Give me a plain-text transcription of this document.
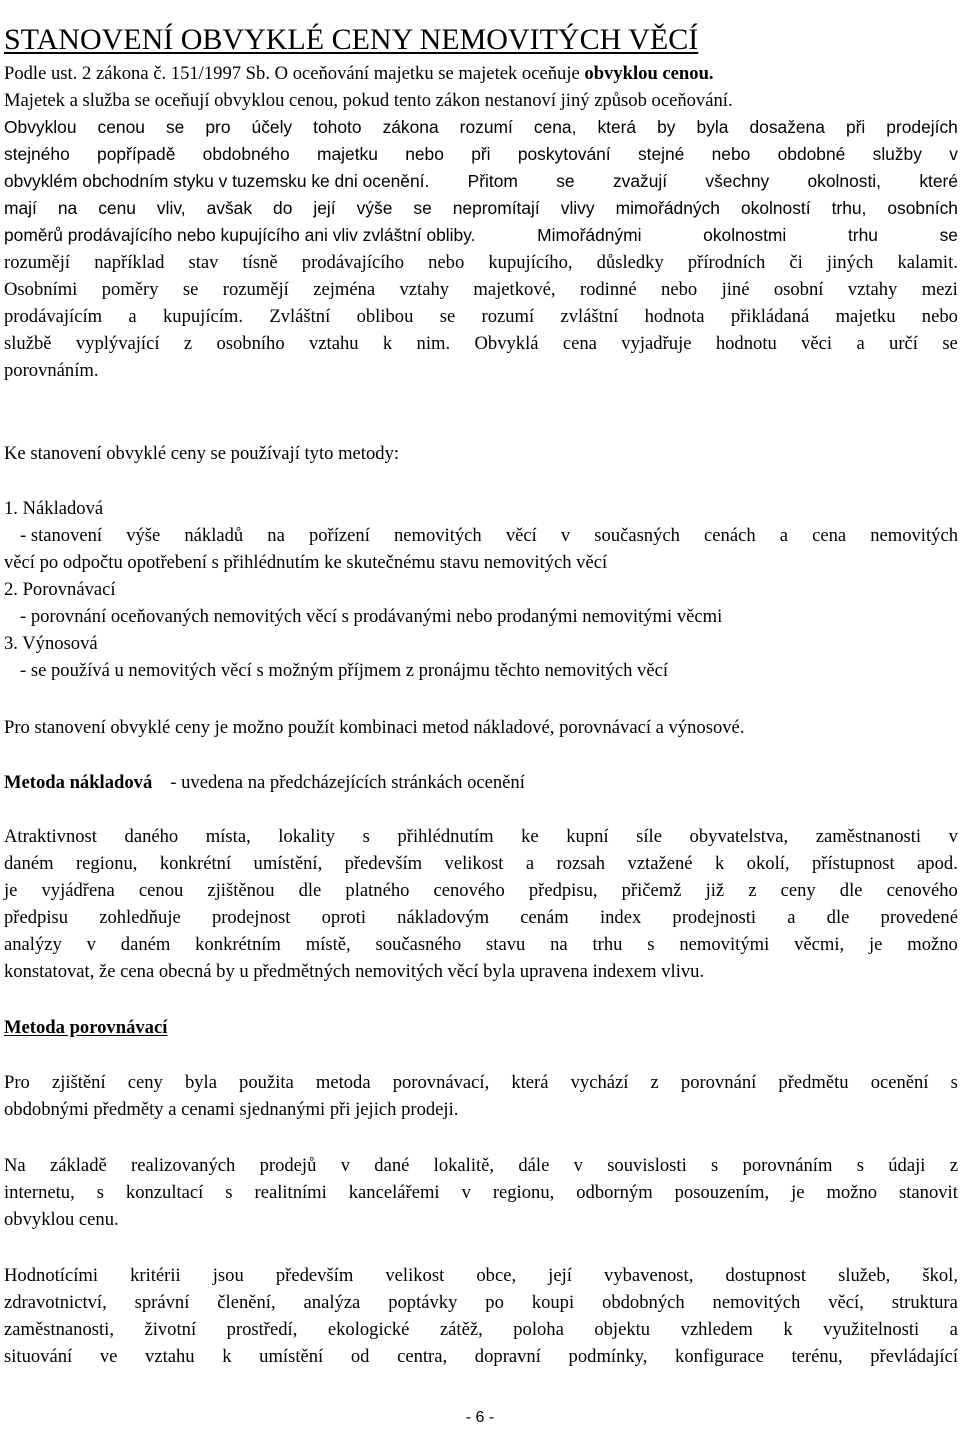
STANOVENÍ OBVYKLÉ CENY NEMOVITÝCH VĚCÍ
Podle ust. 2 zákona č. 151/1997 Sb. O oceňování majetku se majetek oceňuje obvyklou cenou.
Majetek a služba se oceňují obvyklou cenou, pokud tento zákon nestanoví jiný způsob oceňování.
Obvyklou cenou se pro účely tohoto zákona rozumí cena, která by byla dosažena při prodejích
stejného popřípadě obdobného majetku nebo při poskytování stejné nebo obdobné služby v
obvyklém obchodním styku v tuzemsku ke dni ocenění. Přitom se zvažují všechny okolnosti, které
mají na cenu vliv, avšak do její výše se nepromítají vlivy mimořádných okolností trhu, osobních
poměrů prodávajícího nebo kupujícího ani vliv zvláštní obliby.	Mimořádnými	okolnostmi	trhu	se
rozumějí například stav tísně prodávajícího nebo kupujícího, důsledky přírodních či jiných kalamit.
Osobními poměry se rozumějí zejména vztahy majetkové, rodinné nebo jiné osobní vztahy mezi
prodávajícím a kupujícím. Zvláštní oblibou se rozumí zvláštní hodnota přikládaná majetku nebo
službě vyplývající z osobního vztahu k nim. Obvyklá cena vyjadřuje hodnotu věci a určí se
porovnáním.
Ke stanovení obvyklé ceny se používají tyto metody:
1. Nákladová
- stanovení výše nákladů na pořízení nemovitých věcí v současných cenách a cena nemovitých
věcí po odpočtu opotřebení s přihlédnutím ke skutečnému stavu nemovitých věcí
2. Porovnávací
- porovnání oceňovaných nemovitých věcí s prodávanými nebo prodanými nemovitými věcmi
3. Výnosová
- se používá u nemovitých věcí s možným příjmem z pronájmu těchto nemovitých věcí
Pro stanovení obvyklé ceny je možno použít kombinaci metod nákladové, porovnávací a výnosové.
Metoda nákladová - uvedena na předcházejících stránkách ocenění
Atraktivnost daného místa, lokality s přihlédnutím ke kupní síle obyvatelstva, zaměstnanosti v
daném regionu, konkrétní umístění, především velikost a rozsah vztažené k okolí, přístupnost apod.
je vyjádřena cenou zjištěnou dle platného cenového předpisu, přičemž již z ceny dle cenového
předpisu zohledňuje prodejnost oproti nákladovým cenám index prodejnosti a dle provedené
analýzy v daném konkrétním místě, současného stavu na trhu s nemovitými věcmi, je možno
konstatovat, že cena obecná by u předmětných nemovitých věcí byla upravena indexem vlivu.
Metoda porovnávací
Pro zjištění ceny byla použita metoda porovnávací, která vychází z porovnání předmětu ocenění s
obdobnými předměty a cenami sjednanými při jejich prodeji.
Na základě realizovaných prodejů v dané lokalitě, dále v souvislosti s porovnáním s údaji z
internetu, s konzultací s realitními kancelářemi v regionu, odborným posouzením, je možno stanovit
obvyklou cenu.
Hodnotícími kritérii jsou především velikost obce, její vybavenost, dostupnost služeb, škol,
zdravotnictví, správní členění, analýza poptávky po koupi obdobných nemovitých věcí, struktura
zaměstnanosti, životní prostředí, ekologické zátěž, poloha objektu vzhledem k využitelnosti a
situování ve vztahu k umístění od centra, dopravní podmínky, konfigurace terénu, převládající
- 6 -
